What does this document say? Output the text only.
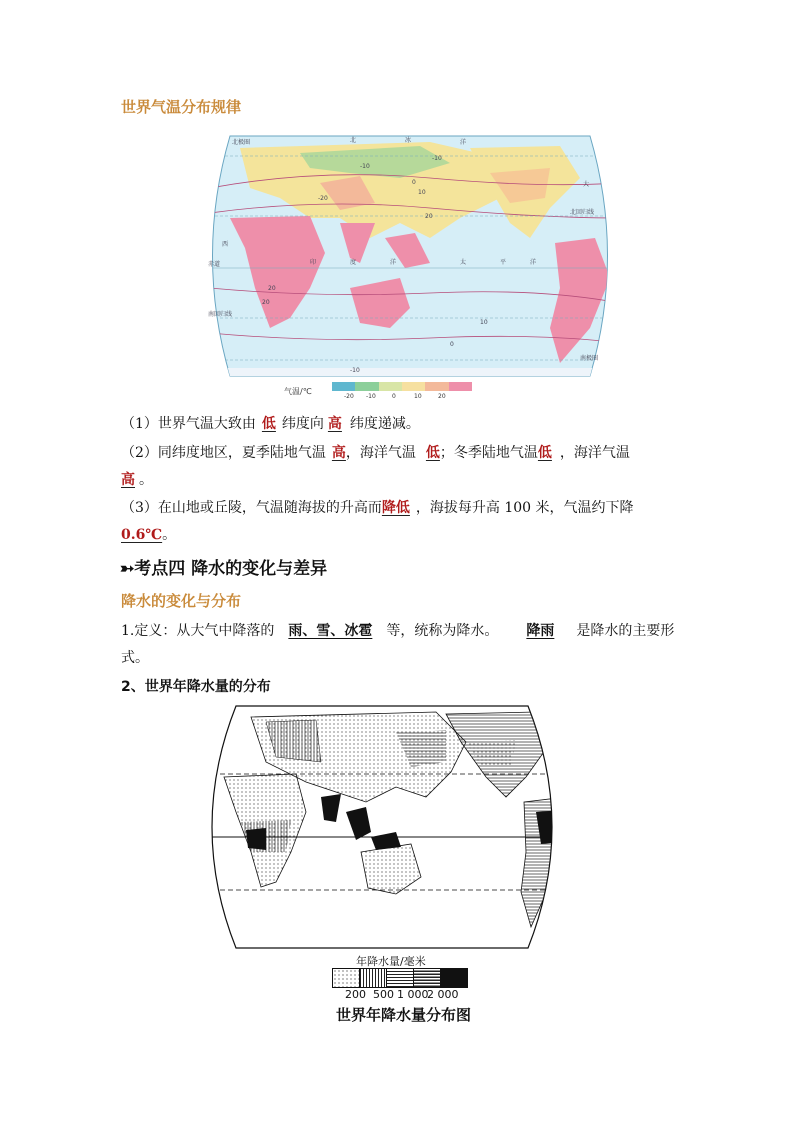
世界气温分布规律
北极圈	北	冰	洋
北回归线
赤道
南回归线
南极圈
西
印	度	洋	太	平	洋
大
-10
-20
-10
0
10
20
20
20
10
0
-10
气温/℃
-20 -10	0	10	20
（1）世界气温大致由 低 纬度向 高 纬度递减。
（2）同纬度地区，夏季陆地气温 高，海洋气温 低；冬季陆地气温低 ，海洋气温
高 。
（3）在山地或丘陵，气温随海拔的升高而降低 ，海拔每升高 100 米，气温约下降
0.6℃。
➳考点四 降水的变化与差异
降水的变化与分布
1.定义：从大气中降落的 雨、雪、冰雹 等，统称为降水。 降雨 是降水的主要形
式。
2、世界年降水量的分布
年降水量/毫米
200 500 1 000
2 000
世界年降水量分布图
